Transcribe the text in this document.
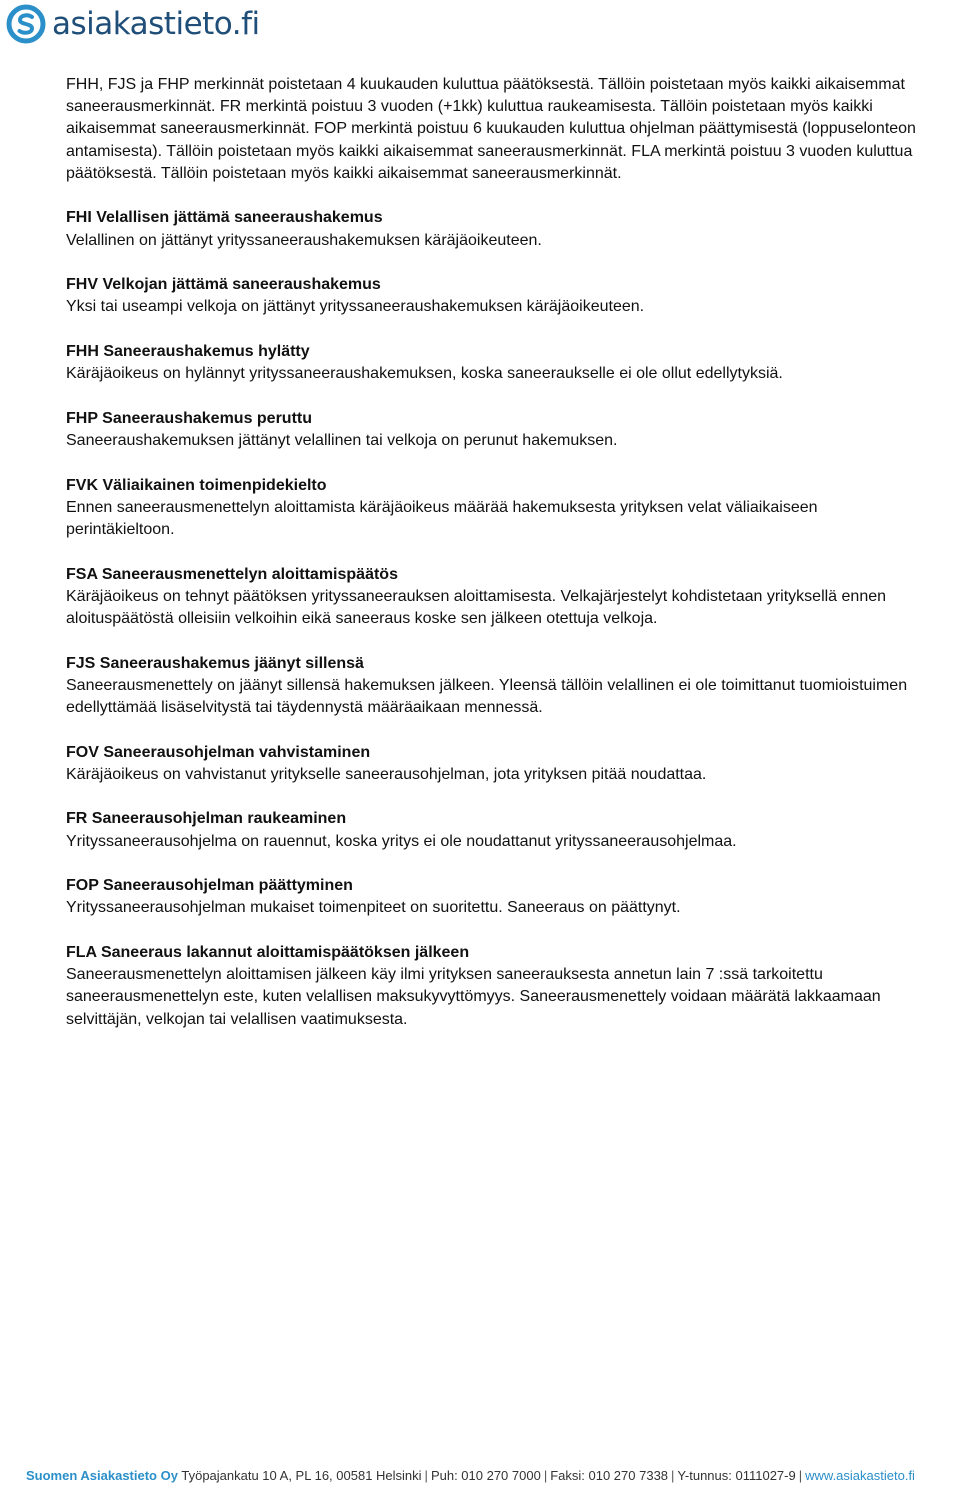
asiakastieto.fi

FHH, FJS ja FHP merkinnät poistetaan 4 kuukauden kuluttua päätöksestä. Tällöin poistetaan myös kaikki aikaisemmat saneerausmerkinnät. FR merkintä poistuu 3 vuoden (+1kk) kuluttua raukeamisesta. Tällöin poistetaan myös kaikki aikaisemmat saneerausmerkinnät. FOP merkintä poistuu 6 kuukauden kuluttua ohjelman päättymisestä (loppuselonteon antamisesta). Tällöin poistetaan myös kaikki aikaisemmat saneerausmerkinnät. FLA merkintä poistuu 3 vuoden kuluttua päätöksestä. Tällöin poistetaan myös kaikki aikaisemmat saneerausmerkinnät.

FHI Velallisen jättämä saneeraushakemus

Velallinen on jättänyt yrityssaneeraushakemuksen käräjäoikeuteen.

FHV Velkojan jättämä saneeraushakemus

Yksi tai useampi velkoja on jättänyt yrityssaneeraushakemuksen käräjäoikeuteen.

FHH Saneeraushakemus hylätty

Käräjäoikeus on hylännyt yrityssaneeraushakemuksen, koska saneeraukselle ei ole ollut edellytyksiä.

FHP Saneeraushakemus peruttu

Saneeraushakemuksen jättänyt velallinen tai velkoja on perunut hakemuksen.

FVK Väliaikainen toimenpidekielto

Ennen saneerausmenettelyn aloittamista käräjäoikeus määrää hakemuksesta yrityksen velat väliaikaiseen perintäkieltoon.

FSA Saneerausmenettelyn aloittamispäätös

Käräjäoikeus on tehnyt päätöksen yrityssaneerauksen aloittamisesta. Velkajärjestelyt kohdistetaan yrityksellä ennen aloituspäätöstä olleisiin velkoihin eikä saneeraus koske sen jälkeen otettuja velkoja.

FJS Saneeraushakemus jäänyt sillensä

Saneerausmenettely on jäänyt sillensä hakemuksen jälkeen. Yleensä tällöin velallinen ei ole toimittanut tuomioistuimen edellyttämää lisäselvitystä tai täydennystä määräaikaan mennessä.

FOV Saneerausohjelman vahvistaminen

Käräjäoikeus on vahvistanut yritykselle saneerausohjelman, jota yrityksen pitää noudattaa.

FR Saneerausohjelman raukeaminen

Yrityssaneerausohjelma on rauennut, koska yritys ei ole noudattanut yrityssaneerausohjelmaa.

FOP Saneerausohjelman päättyminen

Yrityssaneerausohjelman mukaiset toimenpiteet on suoritettu. Saneeraus on päättynyt.

FLA Saneeraus lakannut aloittamispäätöksen jälkeen

Saneerausmenettelyn aloittamisen jälkeen käy ilmi yrityksen saneerauksesta annetun lain 7 :ssä tarkoitettu saneerausmenettelyn este, kuten velallisen maksukyvyttömyys. Saneerausmenettely voidaan määrätä lakkaamaan selvittäjän, velkojan tai velallisen vaatimuksesta.

Suomen Asiakastieto Oy Työpajankatu 10 A, PL 16, 00581 Helsinki | Puh: 010 270 7000 | Faksi: 010 270 7338 | Y-tunnus: 0111027-9 | www.asiakastieto.fi
